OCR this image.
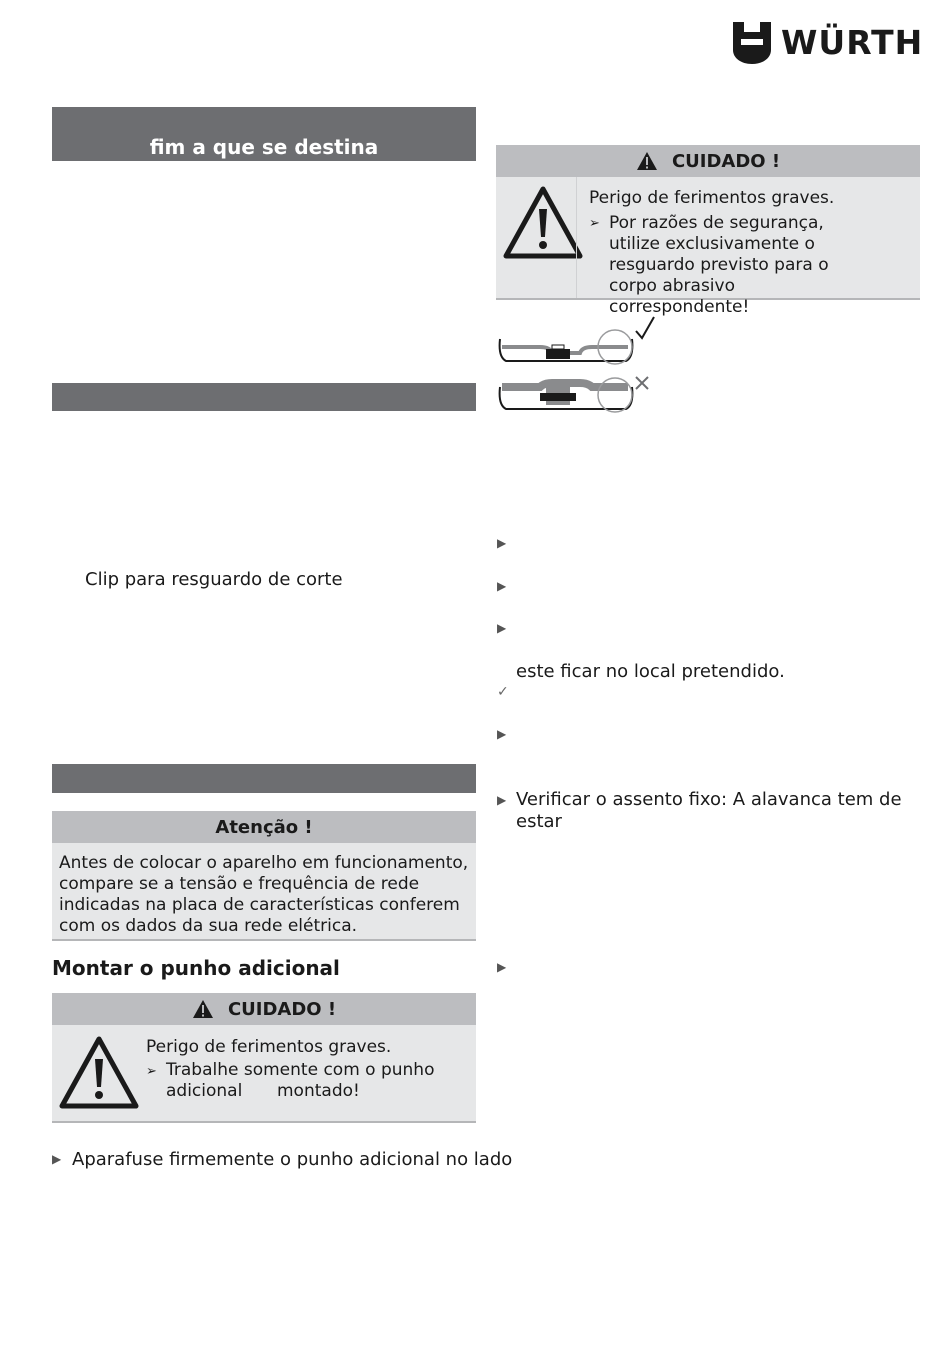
WÜRTH
fim a que se destina
Clip para resguardo de corte
Atenção !
Antes de colocar o aparelho em funcionamento, compare se a tensão e frequência de rede indicadas na placa de características conferem com os dados da sua rede elétrica.
Montar o punho adicional
CUIDADO !
Perigo de ferimentos graves.
➢ Trabalhe somente com o punho
adicional montado!
▶ Aparafuse firmemente o punho adicional no lado
CUIDADO !
Perigo de ferimentos graves.
➢ Por razões de segurança, utilize exclusivamente o resguardo previsto para o corpo abrasivo correspondente!
▶
▶
▶
este ficar no local pretendido.
✓
▶
▶ Verificar o assento fixo: A alavanca tem de estar
▶
